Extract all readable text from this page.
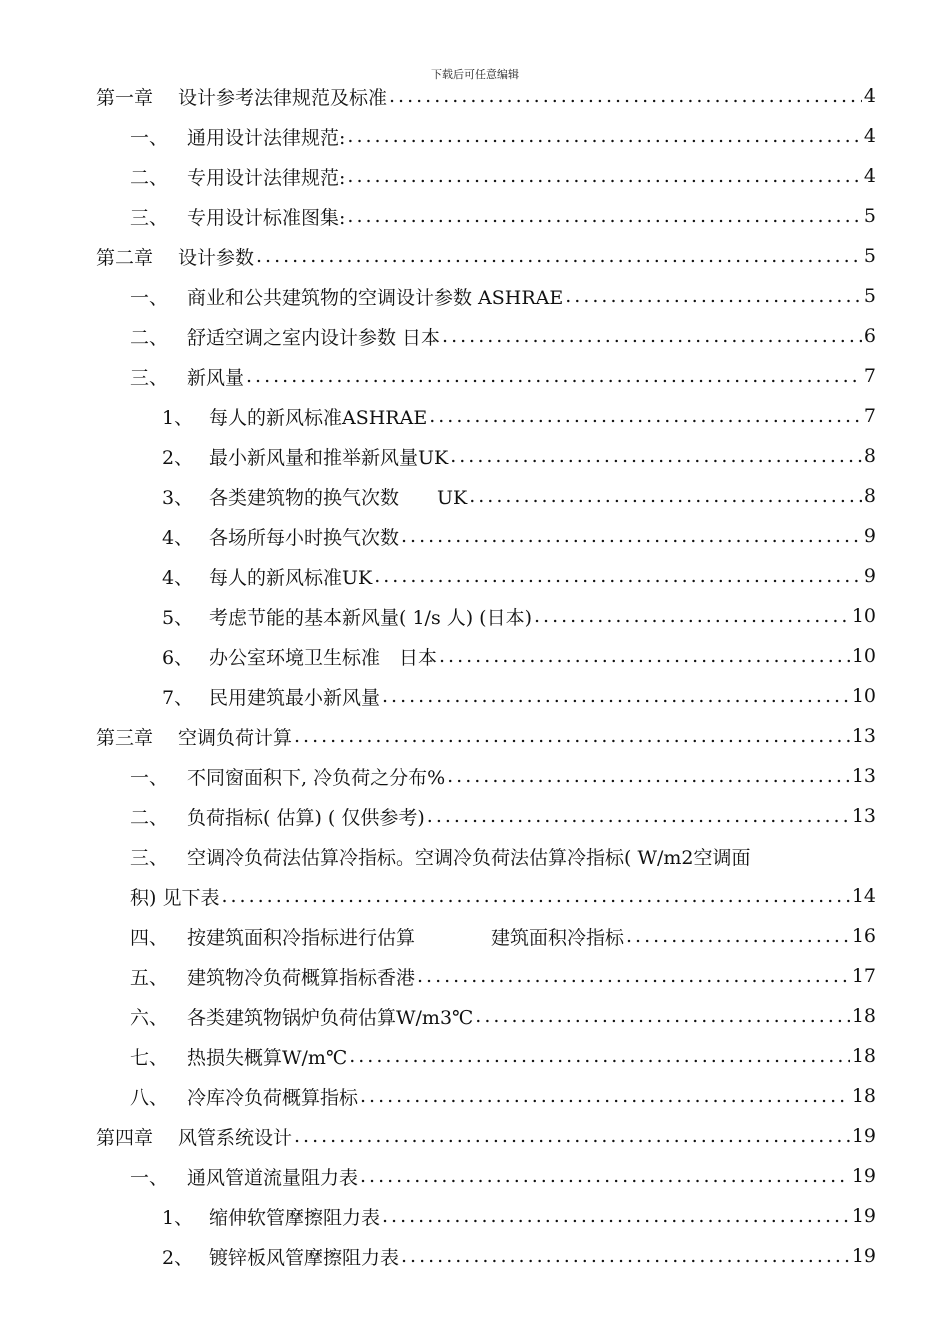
下载后可任意编辑
第一章	设计参考法律规范及标准 .....	4
一、 通用设计法律规范: .....	4
二、 专用设计法律规范: .....	4
三、 专用设计标准图集: .....	5
第二章	设计参数 .....	5
一、 商业和公共建筑物的空调设计参数 ASHRAE .....	5
二、 舒适空调之室内设计参数 日本 .....	6
三、 新风量 .....	7
1、 每人的新风标准ASHRAE .....	7
2、 最小新风量和推举新风量UK .....	8
3、 各类建筑物的换气次数　　UK .....	8
4、 各场所每小时换气次数 .....	9
4、 每人的新风标准UK .....	9
5、 考虑节能的基本新风量( 1/s 人) (日本) .....	10
6、 办公室环境卫生标准　日本 .....	10
7、 民用建筑最小新风量 .....	10
第三章	空调负荷计算 .....	13
一、 不同窗面积下, 冷负荷之分布% .....	13
二、 负荷指标( 估算) ( 仅供参考) .....	13
三、 空调冷负荷法估算冷指标。空调冷负荷法估算冷指标( W/m2空调面
积) 见下表 .....	14
四、 按建筑面积冷指标进行估算　　　　建筑面积冷指标 .....	16
五、 建筑物冷负荷概算指标香港 .....	17
六、 各类建筑物锅炉负荷估算W/m3℃ .....	18
七、 热损失概算W/m℃ .....	18
八、 冷库冷负荷概算指标 .....	18
第四章	风管系统设计 .....	19
一、 通风管道流量阻力表 .....	19
1、 缩伸软管摩擦阻力表 .....	19
2、 镀锌板风管摩擦阻力表 .....	19
